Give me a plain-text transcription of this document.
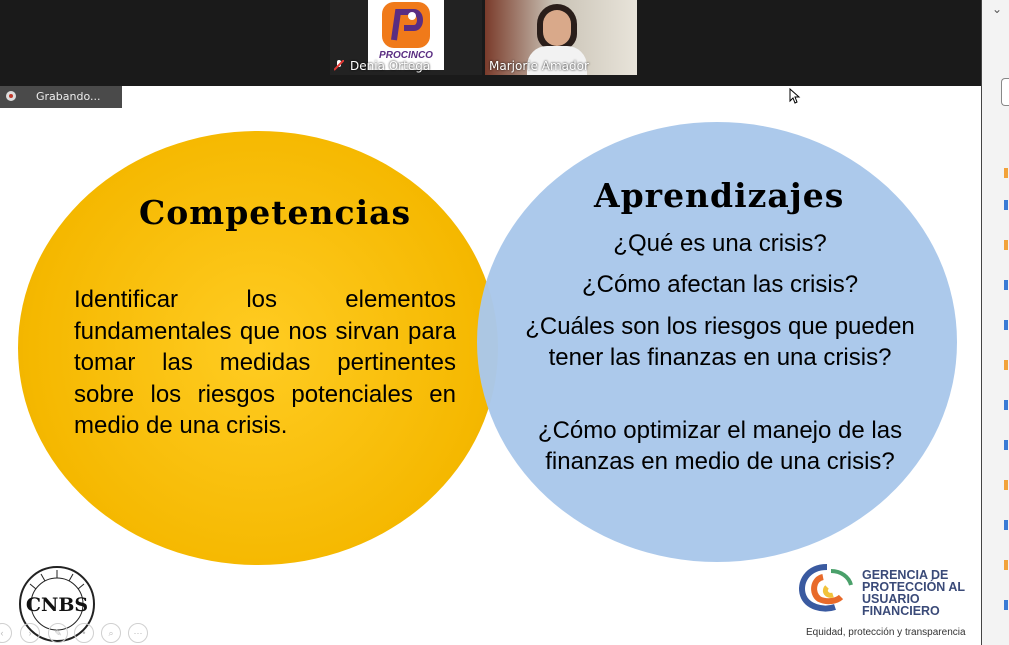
PROCINCO
Denia Ortega	Marjorie Amador
⌄
Grabando...
Competencias
Identificar los elementos fundamentales que nos sirvan para tomar las medidas pertinentes sobre los riesgos potenciales en medio de una crisis.
Aprendizajes
¿Qué es una crisis?
¿Cómo afectan las crisis?
¿Cuáles son los riesgos que pueden tener las finanzas en una crisis?
¿Cómo optimizar el manejo de las finanzas en medio de una crisis?
CNBS
‹	›	✎	•	⌕	⋯
GERENCIA DE
PROTECCIÓN AL
USUARIO
FINANCIERO
Equidad, protección y transparencia
